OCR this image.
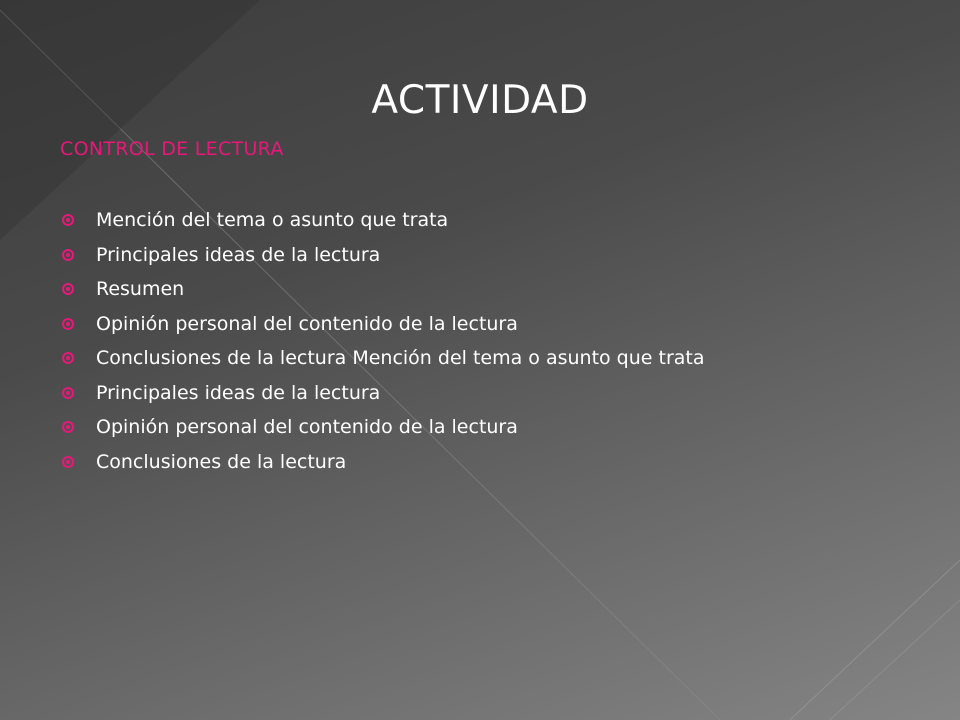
ACTIVIDAD

CONTROL DE LECTURA

Mención del tema o asunto que trata
Principales ideas de la lectura
Resumen
Opinión personal del contenido de la lectura
Conclusiones de la lectura Mención del tema o asunto que trata
Principales ideas de la lectura
Opinión personal del contenido de la lectura
Conclusiones de la lectura
